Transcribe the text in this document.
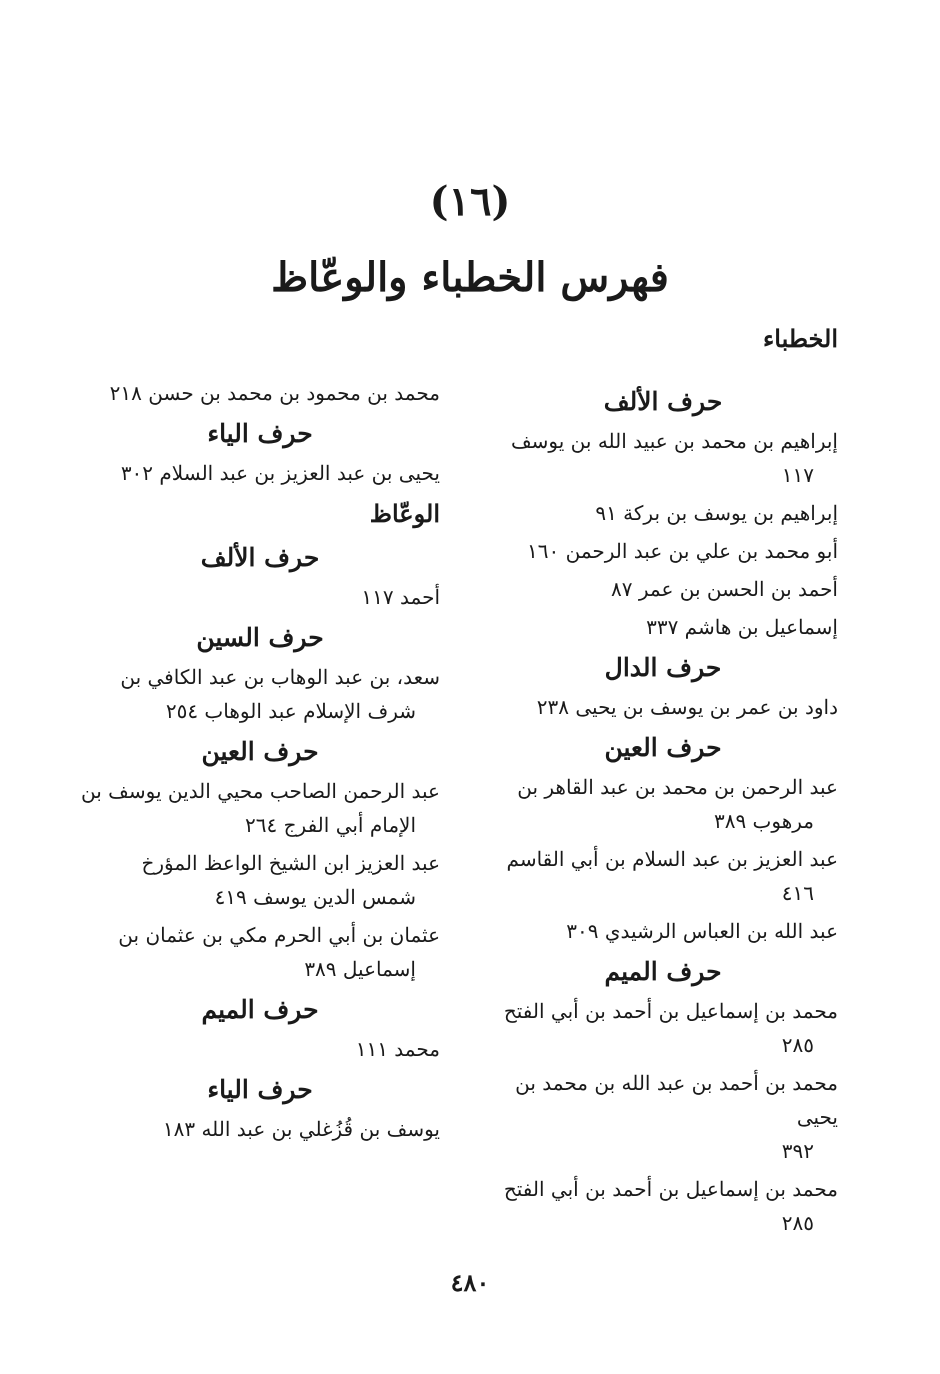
(١٦)
فهرس الخطباء والوعّاظ
الخطباء
حرف الألف
إبراهيم بن محمد بن عبيد الله بن يوسف
١١٧
إبراهيم بن يوسف بن بركة ٩١
أبو محمد بن علي بن عبد الرحمن ١٦٠
أحمد بن الحسن بن عمر ٨٧
إسماعيل بن هاشم ٣٣٧
حرف الدال
داود بن عمر بن يوسف بن يحيى ٢٣٨
حرف العين
عبد الرحمن بن محمد بن عبد القاهر بن
مرهوب ٣٨٩
عبد العزيز بن عبد السلام بن أبي القاسم
٤١٦
عبد الله بن العباس الرشيدي ٣٠٩
حرف الميم
محمد بن إسماعيل بن أحمد بن أبي الفتح
٢٨٥
محمد بن أحمد بن عبد الله بن محمد بن يحيى
٣٩٢
محمد بن إسماعيل بن أحمد بن أبي الفتح
٢٨٥
محمد بن محمود بن محمد بن حسن ٢١٨
حرف الياء
يحيى بن عبد العزيز بن عبد السلام ٣٠٢
الوعّاظ
حرف الألف
أحمد ١١٧
حرف السين
سعد، بن عبد الوهاب بن عبد الكافي بن
شرف الإسلام عبد الوهاب ٢٥٤
حرف العين
عبد الرحمن الصاحب محيي الدين يوسف بن
الإمام أبي الفرج ٢٦٤
عبد العزيز ابن الشيخ الواعظ المؤرخ
شمس الدين يوسف ٤١٩
عثمان بن أبي الحرم مكي بن عثمان بن
إسماعيل ٣٨٩
حرف الميم
محمد ١١١
حرف الياء
يوسف بن قُزُغلي بن عبد الله ١٨٣
٤٨٠
